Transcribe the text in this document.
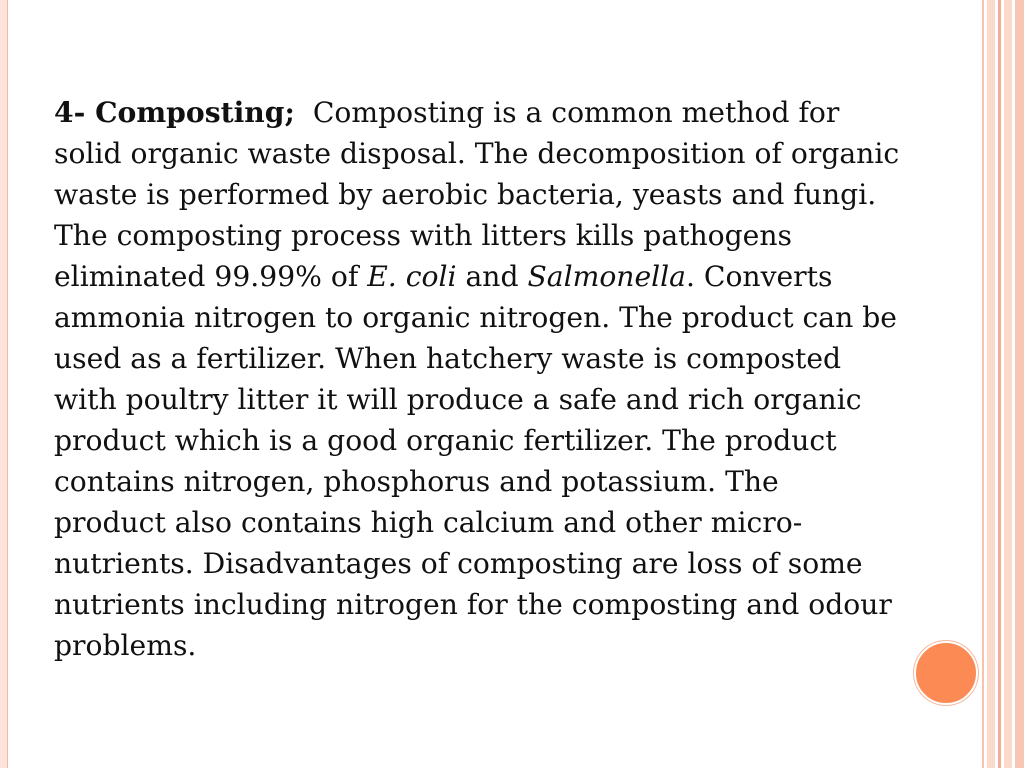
4- Composting; Composting is a common method for
solid organic waste disposal. The decomposition of organic
waste is performed by aerobic bacteria, yeasts and fungi.
The composting process with litters kills pathogens
eliminated 99.99% of E. coli and Salmonella. Converts
ammonia nitrogen to organic nitrogen. The product can be
used as a fertilizer. When hatchery waste is composted
with poultry litter it will produce a safe and rich organic
product which is a good organic fertilizer. The product
contains nitrogen, phosphorus and potassium. The
product also contains high calcium and other micro-
nutrients. Disadvantages of composting are loss of some
nutrients including nitrogen for the composting and odour
problems.
